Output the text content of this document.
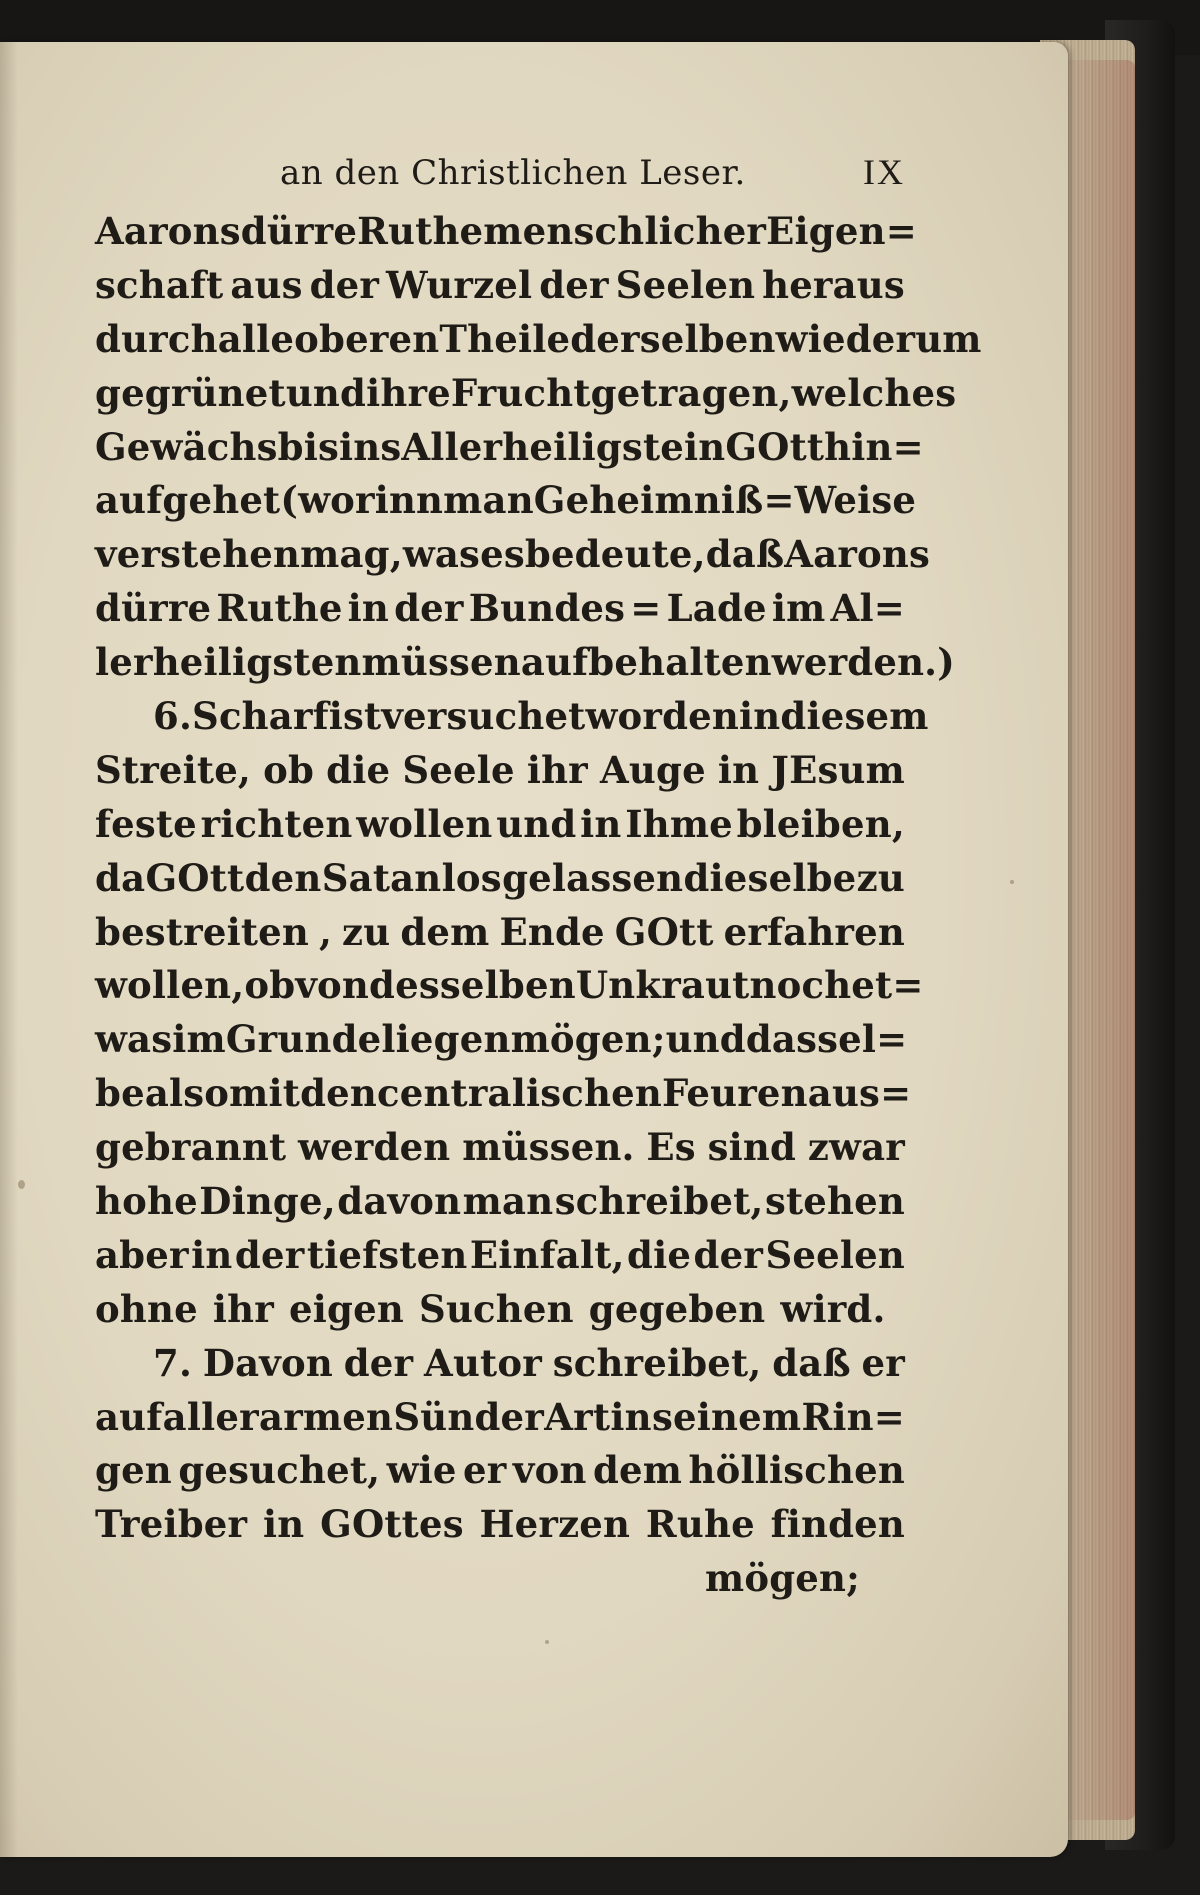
an den Christlichen Leser.	IX
Aarons dürre Ruthe menschlicher Eigen=
schaft aus der Wurzel der Seelen heraus
durch alle oberen Theile derselben wiederum
gegrünet und ihre Frucht getragen, welches
Gewächs bis ins Allerheiligste in GOtt hin=
auf gehet ( worinn man Geheimniß = Weise
verstehen mag, was es bedeute, daß Aarons
dürre Ruthe in der Bundes = Lade im Al=
lerheiligsten müssen aufbehalten werden. )
6. Scharf ist versuchet worden in diesem
Streite, ob die Seele ihr Auge in JEsum
feste richten wollen und in Ihme bleiben,
da GOtt den Satan los gelassen dieselbe zu
bestreiten , zu dem Ende GOtt erfahren
wollen, ob von desselben Unkraut noch et=
was im Grunde liegen mögen; und dassel=
be also mit den centralischen Feuren aus=
gebrannt werden müssen. Es sind zwar
hohe Dinge, davon man schreibet, stehen
aber in der tiefsten Einfalt, die der Seelen
ohne ihr eigen Suchen gegeben wird.
7. Davon der Autor schreibet, daß er
auf aller armen Sünder Art in seinem Rin=
gen gesuchet, wie er von dem höllischen
Treiber in GOttes Herzen Ruhe finden
mögen;
